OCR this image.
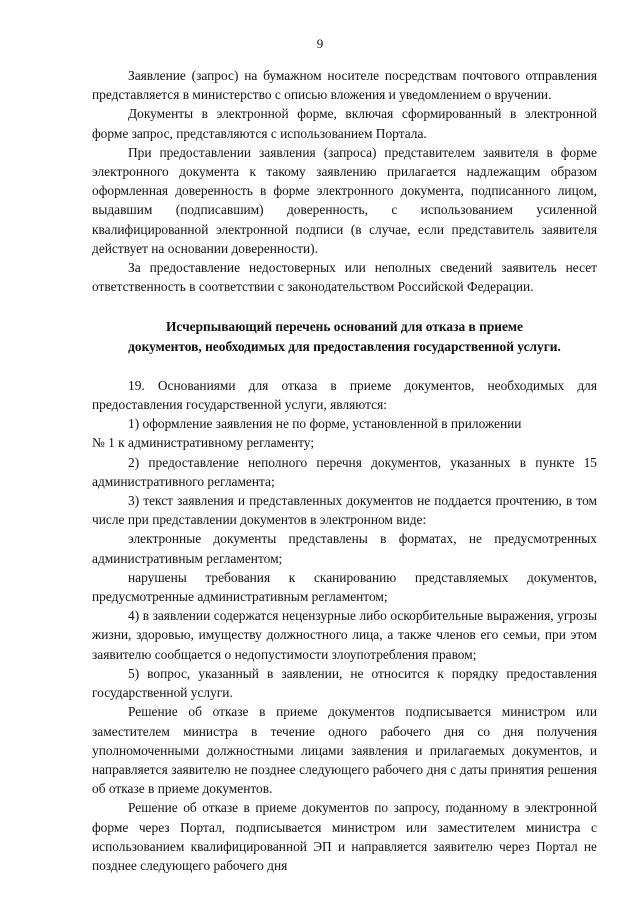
9

Заявление (запрос) на бумажном носителе посредствам почтового отправления представляется в министерство с описью вложения и уведомлением о вручении.

Документы в электронной форме, включая сформированный в электронной форме запрос, представляются с использованием Портала.

При предоставлении заявления (запроса) представителем заявителя в форме электронного документа к такому заявлению прилагается надлежащим образом оформленная доверенность в форме электронного документа, подписанного лицом, выдавшим (подписавшим) доверенность, с использованием усиленной квалифицированной электронной подписи (в случае, если представитель заявителя действует на основании доверенности).

За предоставление недостоверных или неполных сведений заявитель несет ответственность в соответствии с законодательством Российской Федерации.

Исчерпывающий перечень оснований для отказа в приеме
документов, необходимых для предоставления государственной услуги.

19. Основаниями для отказа в приеме документов, необходимых для предоставления государственной услуги, являются:

1) оформление заявления не по форме, установленной в приложении

№ 1 к административному регламенту;

2) предоставление неполного перечня документов, указанных в пункте 15 административного регламента;

3) текст заявления и представленных документов не поддается прочтению, в том числе при представлении документов в электронном виде:

электронные документы представлены в форматах, не предусмотренных административным регламентом;

нарушены требования к сканированию представляемых документов, предусмотренные административным регламентом;

4) в заявлении содержатся нецензурные либо оскорбительные выражения, угрозы жизни, здоровью, имуществу должностного лица, а также членов его семьи, при этом заявителю сообщается о недопустимости злоупотребления правом;

5) вопрос, указанный в заявлении, не относится к порядку предоставления государственной услуги.

Решение об отказе в приеме документов подписывается министром или заместителем министра в течение одного рабочего дня со дня получения уполномоченными должностными лицами заявления и прилагаемых документов, и направляется заявителю не позднее следующего рабочего дня с даты принятия решения об отказе в приеме документов.

Решение об отказе в приеме документов по запросу, поданному в электронной форме через Портал, подписывается министром или заместителем министра с использованием квалифицированной ЭП и направляется заявителю через Портал не позднее следующего рабочего дня
